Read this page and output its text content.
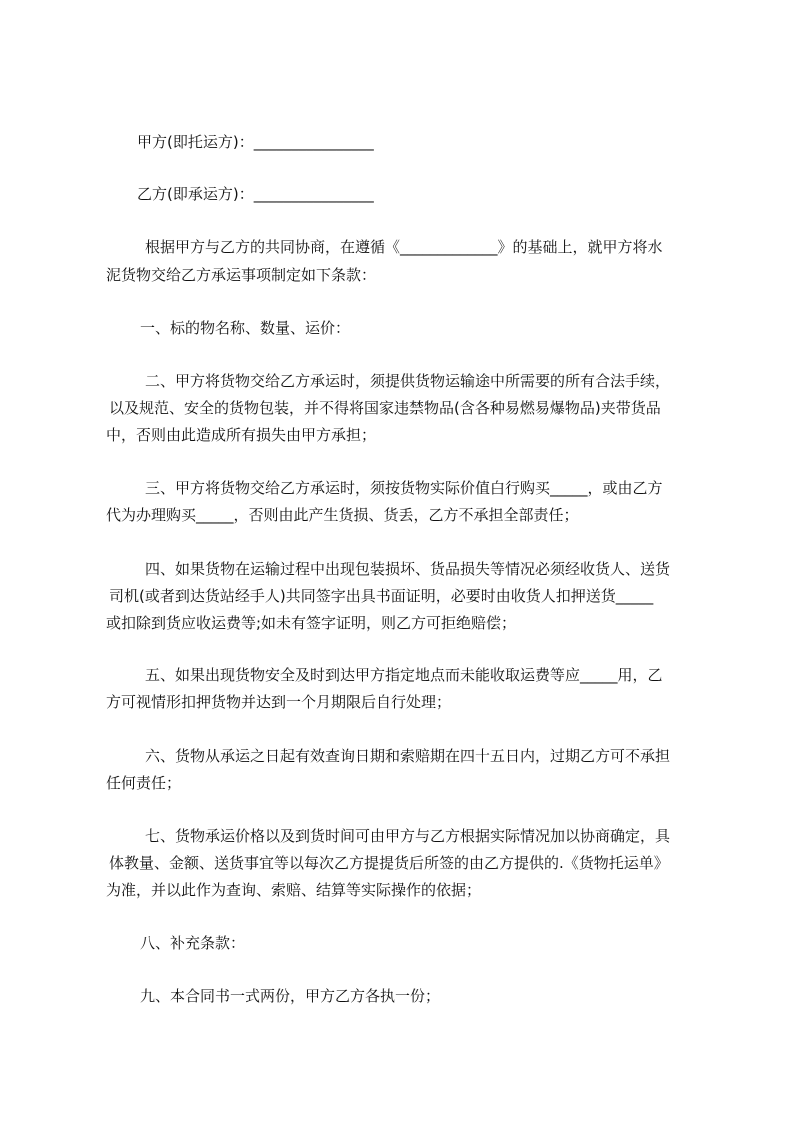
甲方(即托运方)：________________
乙方(即承运方)：________________
根据甲方与乙方的共同协商，在遵循《_____________》的基础上，就甲方将水
泥货物交给乙方承运事项制定如下条款：
一、标的物名称、数量、运价：
二、甲方将货物交给乙方承运时，须提供货物运输途中所需要的所有合法手续，
以及规范、安全的货物包装，并不得将国家违禁物品(含各种易燃易爆物品)夹带货品
中，否则由此造成所有损失由甲方承担；
三、甲方将货物交给乙方承运时，须按货物实际价值白行购买_____，或由乙方
代为办理购买_____，否则由此产生货损、货丢，乙方不承担全部责任；
四、如果货物在运输过程中出现包装损坏、货品损失等情况必须经收货人、送货
司机(或者到达货站经手人)共同签字出具书面证明，必要时由收货人扣押送货_____
或扣除到货应收运费等;如未有签字证明，则乙方可拒绝赔偿；
五、如果出现货物安全及时到达甲方指定地点而未能收取运费等应_____用，乙
方可视情形扣押货物并达到一个月期限后自行处理；
六、货物从承运之日起有效查询日期和索赔期在四十五日内，过期乙方可不承担
任何责任；
七、货物承运价格以及到货时间可由甲方与乙方根据实际情况加以协商确定，具
体教量、金额、送货事宜等以每次乙方提提货后所签的由乙方提供的.《货物托运单》
为准，并以此作为查询、索赔、结算等实际操作的依据；
八、补充条款：
九、本合同书一式两份，甲方乙方各执一份；
